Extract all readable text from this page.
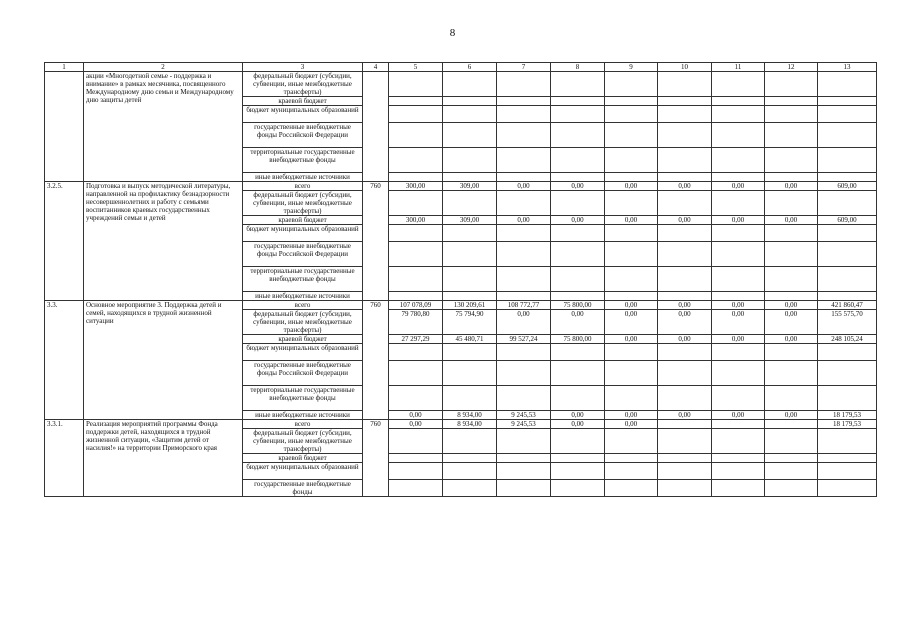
8
1	2	3	4	5	6	7	8	9	10	11	12	13
	акции «Многодетной семье - поддержка и внимание» в рамках месячника, посвященного Международному дню семьи и Международному дню защиты детей	федеральный бюджет (субсидии, субвенции, иные межбюджетные трансферты)										
		краевой бюджет										
		бюджет муниципальных образований										
		государственные внебюджетные фонды Российской Федерации										
		территориальные государственные внебюджетные фонды										
		иные внебюджетные источники										
3.2.5.	Подготовка и выпуск методической литературы, направленной на профилактику безнадзорности несовершеннолетних и работу с семьями воспитанников краевых государственных учреждений семьи и детей	всего	760	300,00	309,00	0,00	0,00	0,00	0,00	0,00	0,00	609,00
		федеральный бюджет (субсидии, субвенции, иные межбюджетные трансферты)										
		краевой бюджет		300,00	309,00	0,00	0,00	0,00	0,00	0,00	0,00	609,00
		бюджет муниципальных образований										
		государственные внебюджетные фонды Российской Федерации										
		территориальные государственные внебюджетные фонды										
		иные внебюджетные источники										
3.3.	Основное мероприятие 3. Поддержка детей и семей, находящихся в трудной жизненной ситуации	всего	760	107 078,09	130 209,61	108 772,77	75 800,00	0,00	0,00	0,00	0,00	421 860,47
		федеральный бюджет (субсидии, субвенции, иные межбюджетные трансферты)		79 780,80	75 794,90	0,00	0,00	0,00	0,00	0,00	0,00	155 575,70
		краевой бюджет		27 297,29	45 480,71	99 527,24	75 800,00	0,00	0,00	0,00	0,00	248 105,24
		бюджет муниципальных образований										
		государственные внебюджетные фонды Российской Федерации										
		территориальные государственные внебюджетные фонды										
		иные внебюджетные источники		0,00	8 934,00	9 245,53	0,00	0,00	0,00	0,00	0,00	18 179,53
3.3.1.	Реализация мероприятий программы Фонда поддержки детей, находящихся в трудной жизненной ситуации, «Защитим детей от насилия!» на территории Приморского края	всего	760	0,00	8 934,00	9 245,53	0,00	0,00				18 179,53
		федеральный бюджет (субсидии, субвенции, иные межбюджетные трансферты)										
		краевой бюджет										
		бюджет муниципальных образований										
		государственные внебюджетные фонды										
